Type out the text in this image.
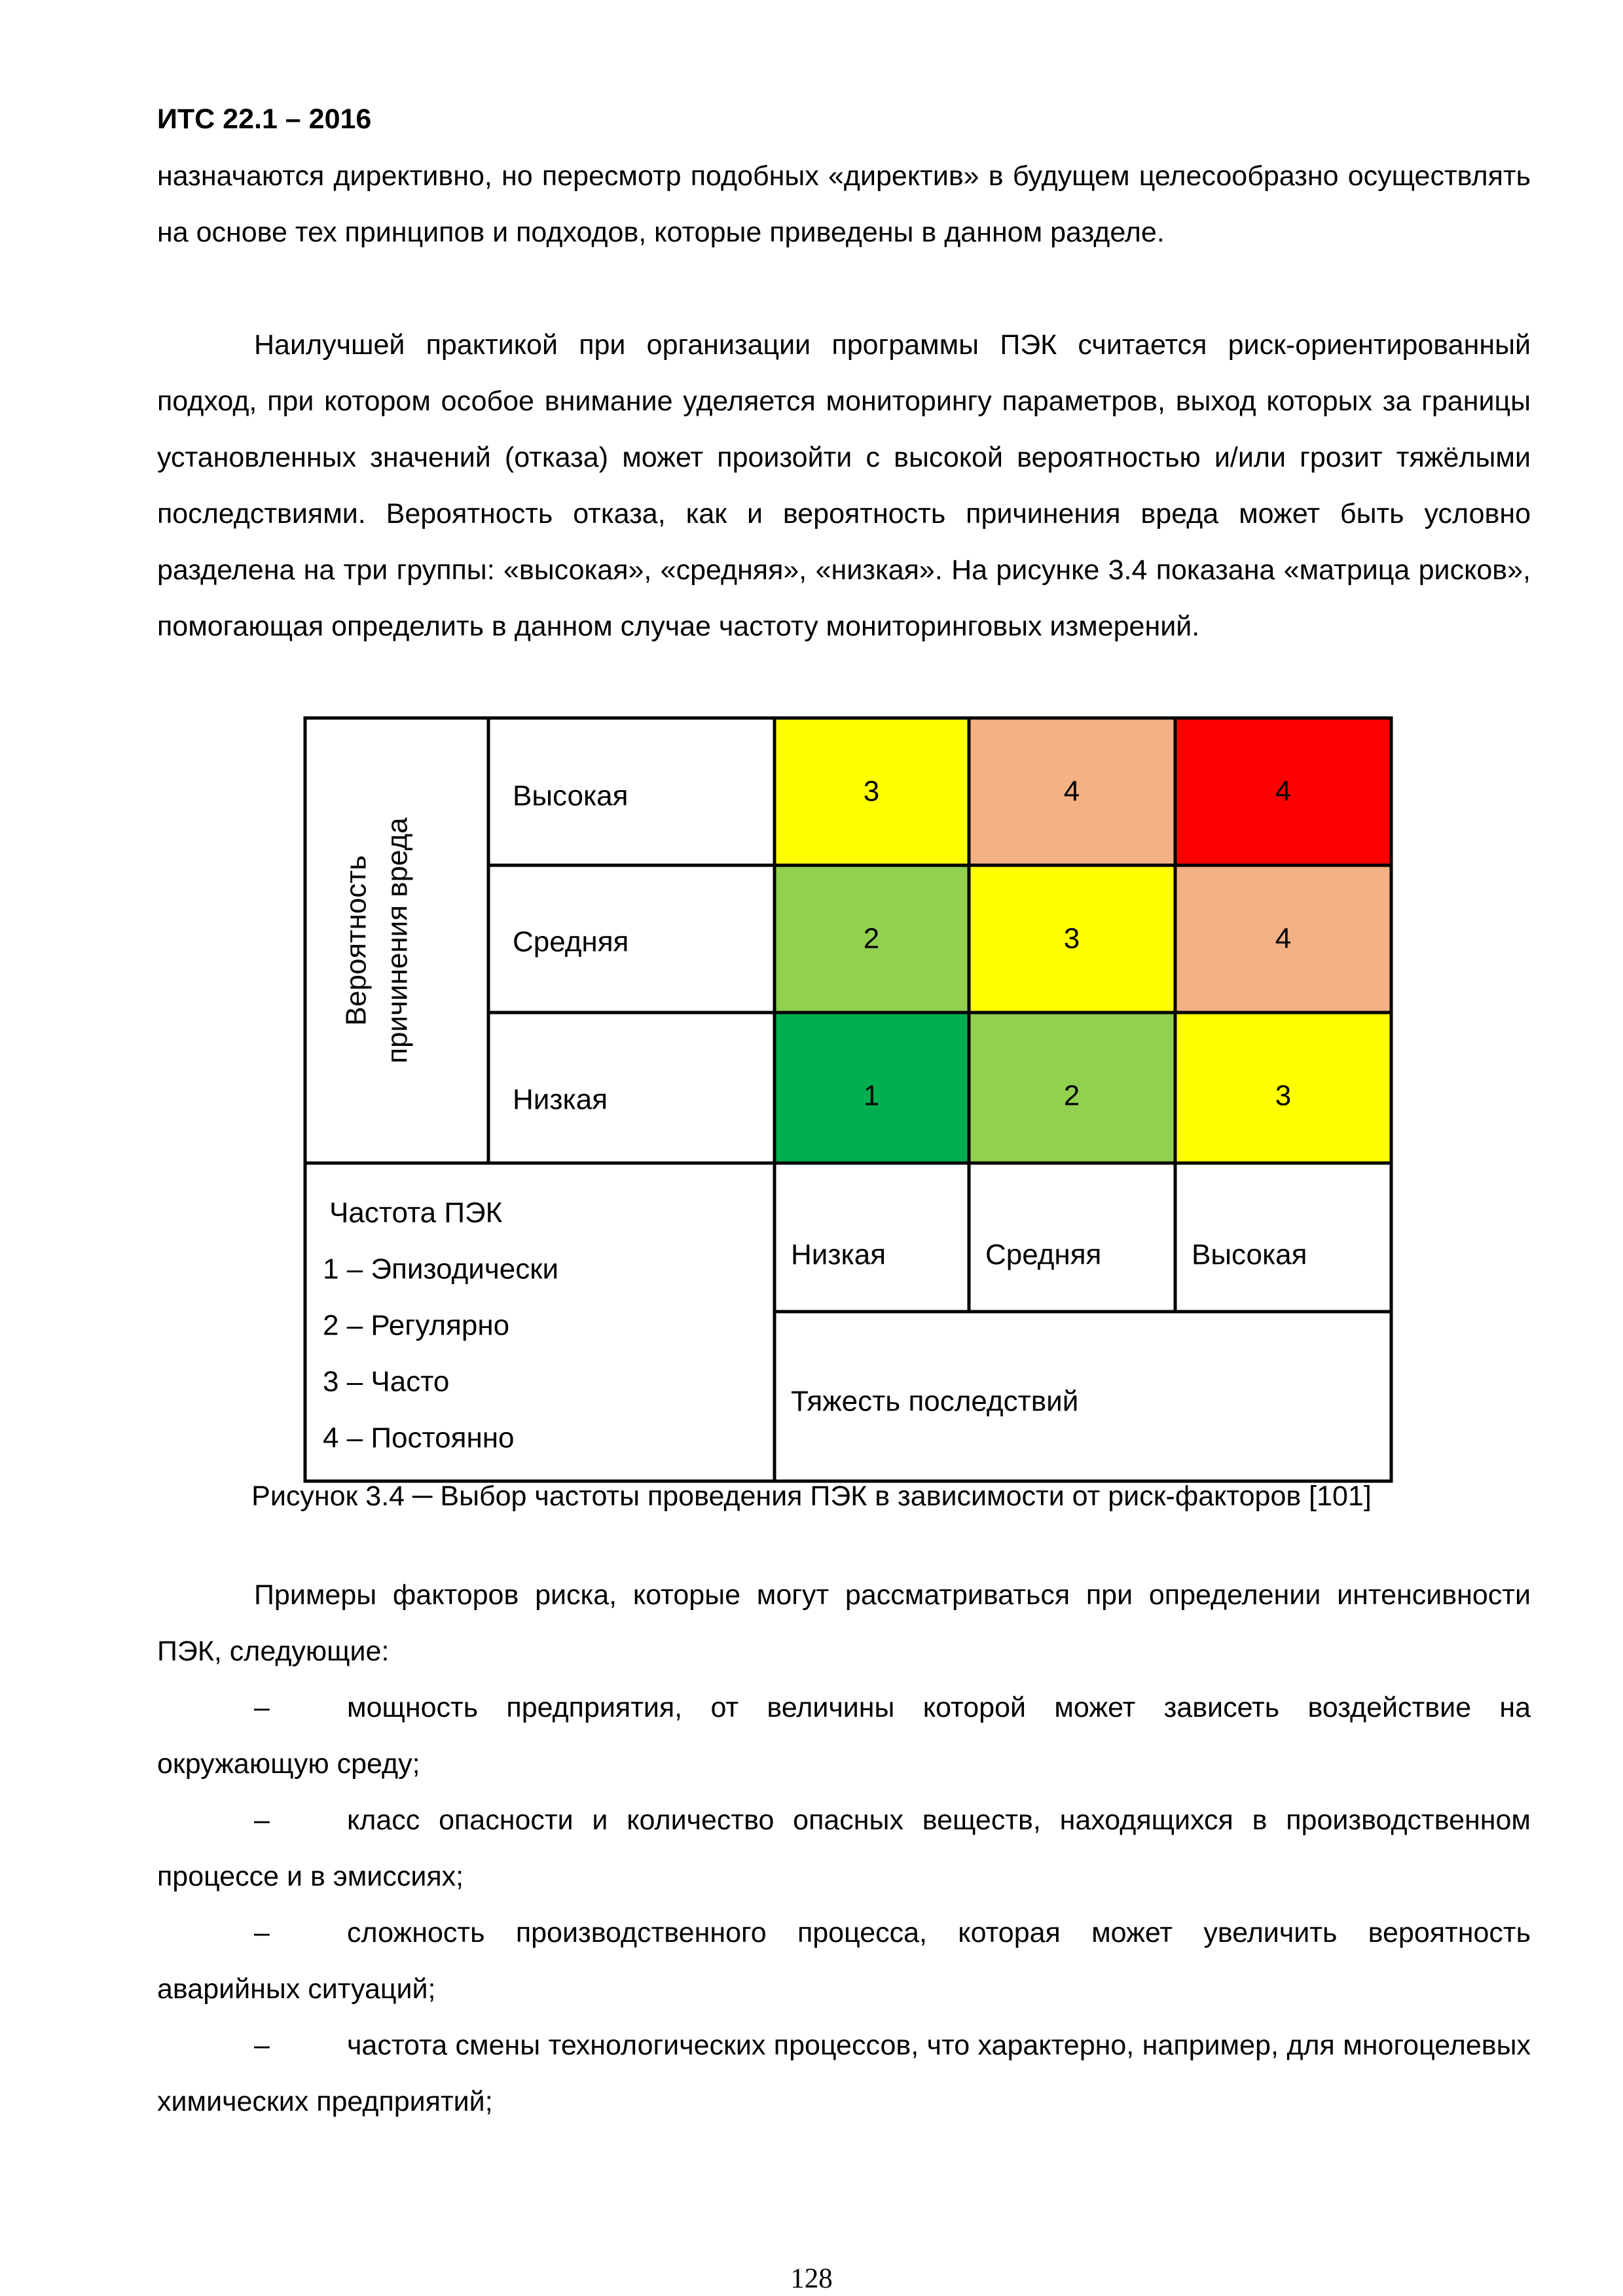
ИТС 22.1 – 2016

назначаются директивно, но пересмотр подобных «директив» в будущем целесообразно осуществлять на основе тех принципов и подходов, которые приведены в данном разделе.

Наилучшей практикой при организации программы ПЭК считается риск-ориентированный подход, при котором особое внимание уделяется мониторингу параметров, выход которых за границы установленных значений (отказа) может произойти с высокой вероятностью и/или грозит тяжёлыми последствиями. Вероятность отказа, как и вероятность причинения вреда может быть условно разделена на три группы: «высокая», «средняя», «низкая». На рисунке 3.4 показана «матрица рисков», помогающая определить в данном случае частоту мониторинговых измерений.

Вероятность причинения вреда
Высокая	3	4	4
Средняя	2	3	4
Низкая	1	2	3
Частота ПЭК
1 – Эпизодически
2 – Регулярно
3 – Часто
4 – Постоянно
Низкая	Средняя	Высокая
Тяжесть последствий
Рисунок 3.4 ─ Выбор частоты проведения ПЭК в зависимости от риск-факторов [101]

Примеры факторов риска, которые могут рассматриваться при определении интенсивности ПЭК, следующие:

–	мощность предприятия, от величины которой может зависеть воздействие на окружающую среду;

–	класс опасности и количество опасных веществ, находящихся в производственном процессе и в эмиссиях;

–	сложность производственного процесса, которая может увеличить вероятность аварийных ситуаций;

–	частота смены технологических процессов, что характерно, например, для многоцелевых химических предприятий;

128
